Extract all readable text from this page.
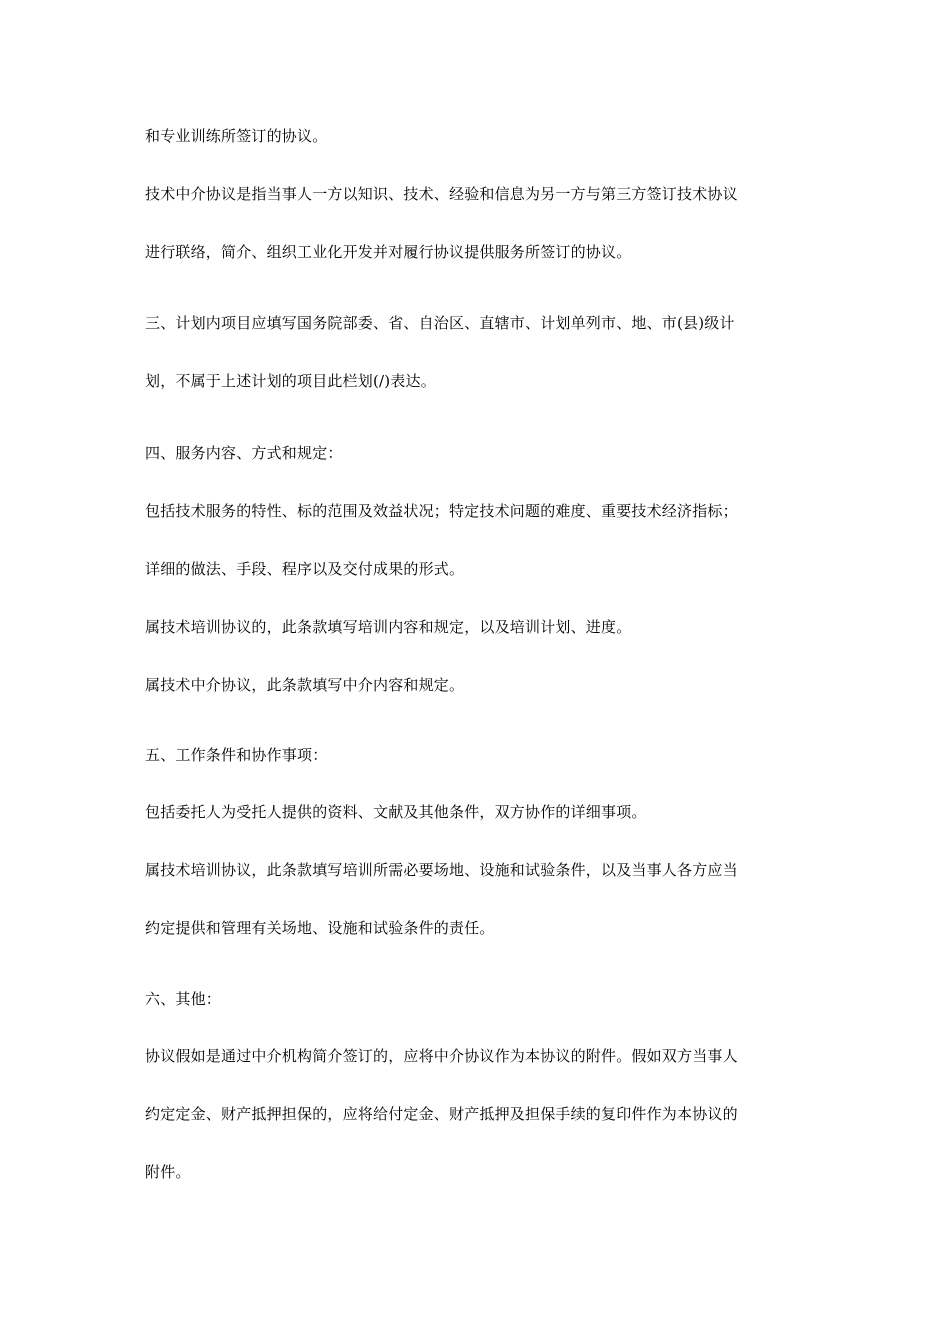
和专业训练所签订的协议。
技术中介协议是指当事人一方以知识、技术、经验和信息为另一方与第三方签订技术协议
进行联络，简介、组织工业化开发并对履行协议提供服务所签订的协议。
三、计划内项目应填写国务院部委、省、自治区、直辖市、计划单列市、地、市(县)级计
划，不属于上述计划的项目此栏划(/)表达。
四、服务内容、方式和规定：
包括技术服务的特性、标的范围及效益状况；特定技术问题的难度、重要技术经济指标；
详细的做法、手段、程序以及交付成果的形式。
属技术培训协议的，此条款填写培训内容和规定，以及培训计划、进度。
属技术中介协议，此条款填写中介内容和规定。
五、工作条件和协作事项：
包括委托人为受托人提供的资料、文献及其他条件，双方协作的详细事项。
属技术培训协议，此条款填写培训所需必要场地、设施和试验条件，以及当事人各方应当
约定提供和管理有关场地、设施和试验条件的责任。
六、其他：
协议假如是通过中介机构简介签订的，应将中介协议作为本协议的附件。假如双方当事人
约定定金、财产抵押担保的，应将给付定金、财产抵押及担保手续的复印件作为本协议的
附件。
